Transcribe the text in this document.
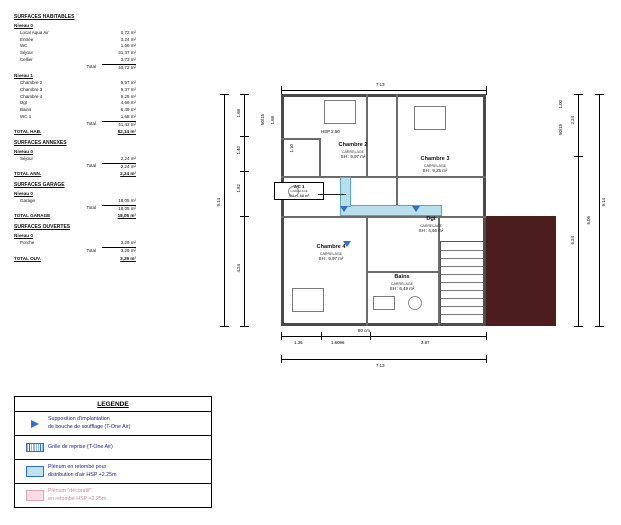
SURFACES HABITABLES
Niveau 0
Local Aqua Air	0,72 m²
Entrée	3,24 m²
WC	1,66 m²
Séjour	31,37 m²
Cellier	3,73 m²
Total	40,72 m²
Niveau 1
Chambre 2	9,97 m²
Chambre 3	9,37 m²
Chambre 4	9,25 m²
Dgt	4,66 m²
Bains	6,49 m²
WC 1	1,68 m²
Total	41,42 m²
TOTAL HAB.	82,14 m²
SURFACES ANNEXES
Niveau 0
Séjour	2,24 m²
Total	2,24 m²
TOTAL ANN.	2,24 m²
SURFACES GARAGE
Niveau 0
Garage	18,05 m²
Total	18,05 m²
TOTAL GARAGE	18,05 m²
SURFACES OUVERTES
Niveau 0
Porche	3,29 m²
Total	3,29 m²
TOTAL OUV.	3,29 m²
LEGENDE
Supposition d'implantation
de bouche de soufflage (T-One Air)
Grille de reprise (T-One Air)
Plénum en retombé pour
distribution d'air HSP +2.25m
Plénum "décoratif"
en retombé HSP +2.25m.
7.13
1.36	1.6096	3.97
7.13
9.14
1.68
1.40
1.82
4.24
50/15 1.68
9.14
2.24
6.24
5.06
1.00
50/15
WC 1
CARRELAGE
SH : 1,68 m²
Chambre 2
CARRELAGE
SH : 9,97 m²	Chambre 3
CARRELAGE
SH : 9,25 m²
Chambre 4
CARRELAGE
SH : 9,97 m²
Dgt
CARRELAGE
SH : 4,66 m²
Bains
CARRELAGE
SH : 6,49 m²
HSP 2.50
1.10
80 cm
